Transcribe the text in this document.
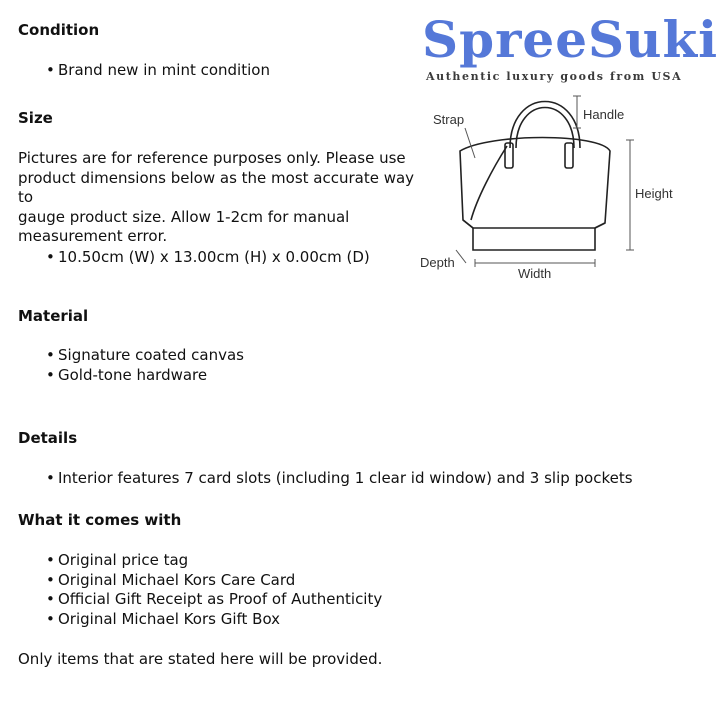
SpreeSuki
Authentic luxury goods from USA
Strap	Handle
Height
Depth
Width
Condition
• Brand new in mint condition
Size
Pictures are for reference purposes only. Please use
product dimensions below as the most accurate way to
gauge product size. Allow 1-2cm for manual
measurement error.
• 10.50cm (W) x 13.00cm (H) x 0.00cm (D)
Material
• Signature coated canvas
• Gold-tone hardware
Details
• Interior features 7 card slots (including 1 clear id window) and 3 slip pockets
What it comes with
• Original price tag
• Original Michael Kors Care Card
• Official Gift Receipt as Proof of Authenticity
• Original Michael Kors Gift Box
Only items that are stated here will be provided.
